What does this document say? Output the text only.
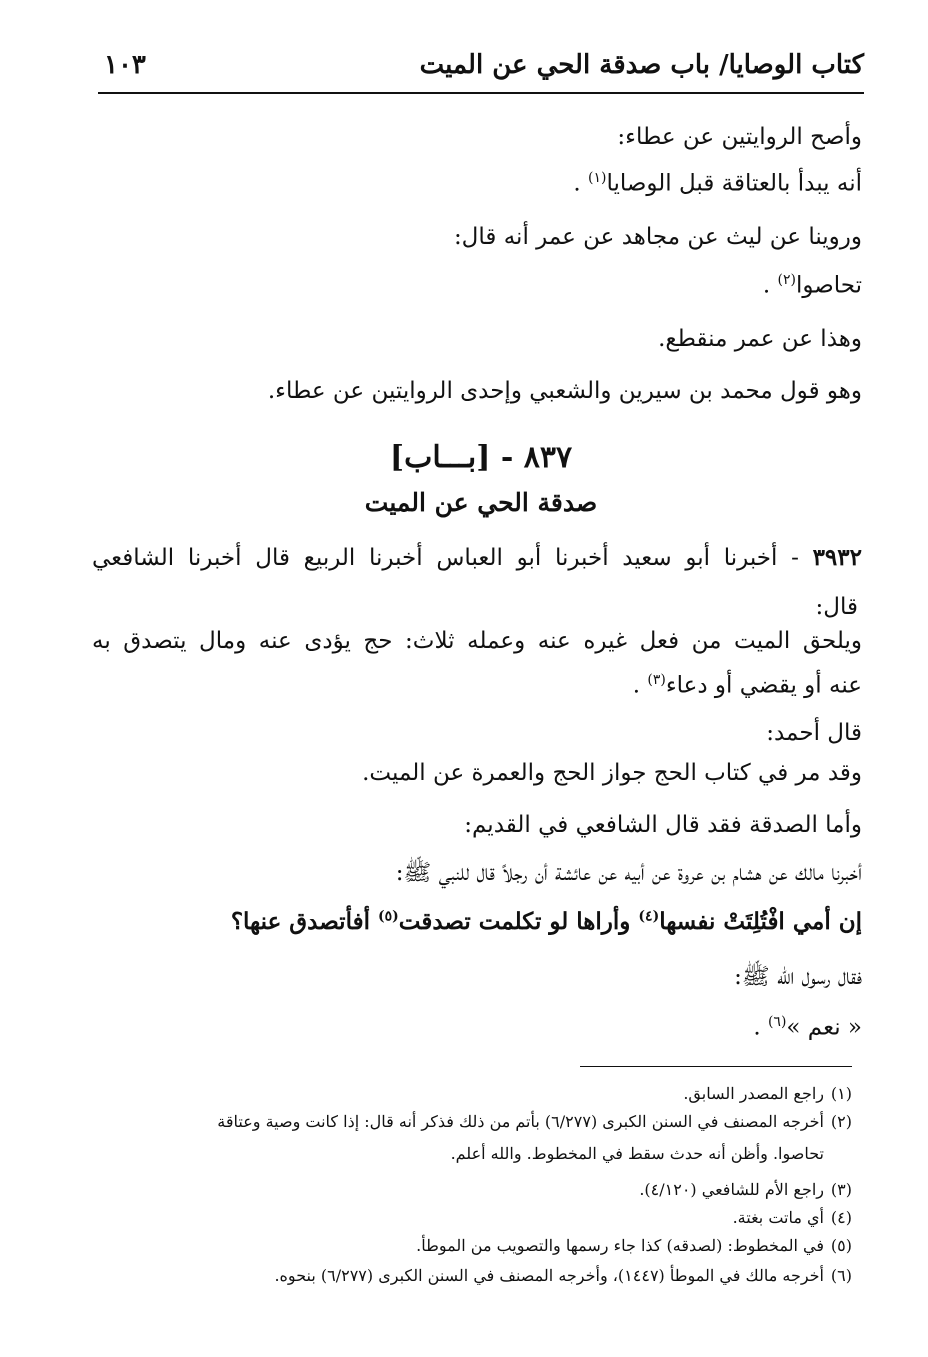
كتاب الوصايا/ باب صدقة الحي عن الميت
١٠٣
وأصح الروايتين عن عطاء:
أنه يبدأ بالعتاقة قبل الوصايا$^{(١)}$ .
وروينا عن ليث عن مجاهد عن عمر أنه قال:
تحاصوا$^{(٢)}$ .
وهذا عن عمر منقطع.
وهو قول محمد بن سيرين والشعبي وإحدى الروايتين عن عطاء.
٨٣٧ - [بـــاب]
صدقة الحي عن الميت
٣٩٣٢ - أخبرنا أبو سعيد أخبرنا أبو العباس أخبرنا الربيع قال أخبرنا الشافعي
قال:
ويلحق الميت من فعل غيره عنه وعمله ثلاث: حج يؤدى عنه ومال يتصدق به
عنه أو يقضي أو دعاء$^{(٣)}$ .
قال أحمد:
وقد مر في كتاب الحج جواز الحج والعمرة عن الميت.
وأما الصدقة فقد قال الشافعي في القديم:
أخبرنا مالك عن هشام بن عروة عن أبيه عن عائشة أن رجلاً قال للنبي ﷺ:
إن أمي افْتُلِتَتْ نفسها$^{(٤)}$ وأراها لو تكلمت تصدقت$^{(٥)}$ أفأتصدق عنها؟
فقال رسول الله ﷺ:
« نعم »$^{(٦)}$ .
(١)راجع المصدر السابق.
(٢)أخرجه المصنف في السنن الكبرى (٦/٢٧٧) بأتم من ذلك فذكر أنه قال: إذا كانت وصية وعتاقة
تحاصوا. وأظن أنه حدث سقط في المخطوط. والله أعلم.
(٣)راجع الأم للشافعي (٤/١٢٠).
(٤)أي ماتت بغتة.
(٥)في المخطوط: (لصدقه) كذا جاء رسمها والتصويب من الموطأ.
(٦)أخرجه مالك في الموطأ (١٤٤٧)، وأخرجه المصنف في السنن الكبرى (٦/٢٧٧) بنحوه.
